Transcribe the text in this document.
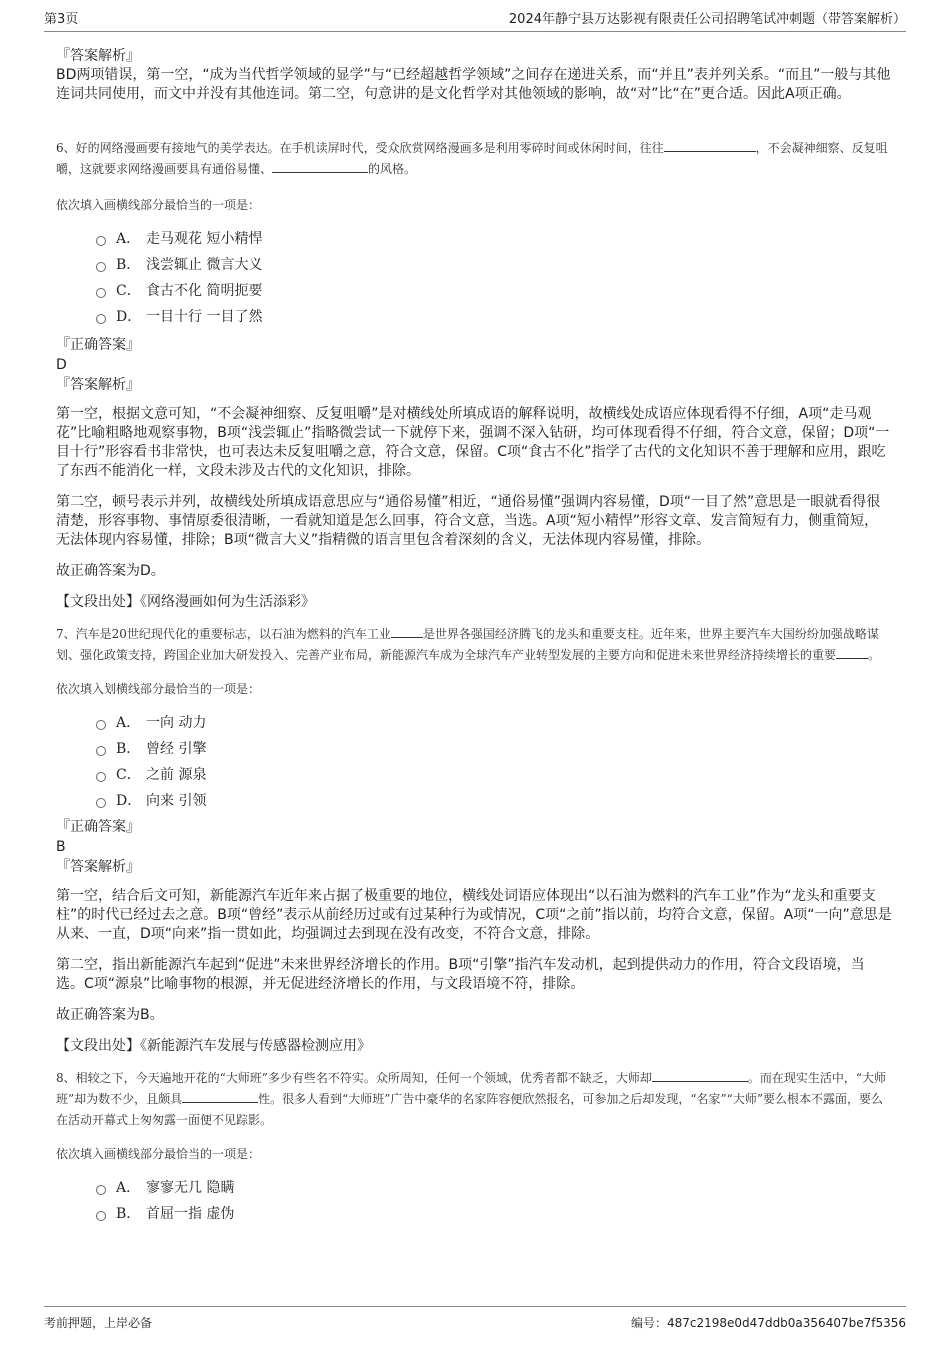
第3页	2024年静宁县万达影视有限责任公司招聘笔试冲刺题（带答案解析）
『答案解析』

BD两项错误，第一空，“成为当代哲学领域的显学”与“已经超越哲学领域”之间存在递进关系，而“并且”表并列关系。“而且”一般与其他连词共同使用，而文中并没有其他连词。第二空，句意讲的是文化哲学对其他领域的影响，故“对”比“在”更合适。因此A项正确。

6、好的网络漫画要有接地气的美学表达。在手机读屏时代，受众欣赏网络漫画多是利用零碎时间或休闲时间，往往	，不会凝神细察、反复咀嚼，这就要求网络漫画要具有通俗易懂、	的风格。

依次填入画横线部分最恰当的一项是：
A． 走马观花 短小精悍
B． 浅尝辄止 微言大义
C． 食古不化 简明扼要
D． 一目十行 一目了然
『正确答案』
D
『答案解析』

第一空，根据文意可知，“不会凝神细察、反复咀嚼”是对横线处所填成语的解释说明，故横线处成语应体现看得不仔细，A项“走马观花”比喻粗略地观察事物，B项“浅尝辄止”指略微尝试一下就停下来，强调不深入钻研，均可体现看得不仔细，符合文意，保留；D项“一目十行”形容看书非常快，也可表达未反复咀嚼之意，符合文意，保留。C项“食古不化”指学了古代的文化知识不善于理解和应用，跟吃了东西不能消化一样，文段未涉及古代的文化知识，排除。

第二空，顿号表示并列，故横线处所填成语意思应与“通俗易懂”相近，“通俗易懂”强调内容易懂，D项“一目了然”意思是一眼就看得很清楚，形容事物、事情原委很清晰，一看就知道是怎么回事，符合文意，当选。A项“短小精悍”形容文章、发言简短有力，侧重简短，无法体现内容易懂，排除；B项“微言大义”指精微的语言里包含着深刻的含义，无法体现内容易懂，排除。

故正确答案为D。

【文段出处】《网络漫画如何为生活添彩》

7、汽车是20世纪现代化的重要标志，以石油为燃料的汽车工业	是世界各强国经济腾飞的龙头和重要支柱。近年来，世界主要汽车大国纷纷加强战略谋划、强化政策支持，跨国企业加大研发投入、完善产业布局，新能源汽车成为全球汽车产业转型发展的主要方向和促进未来世界经济持续增长的重要	。

依次填入划横线部分最恰当的一项是：
A． 一向 动力
B． 曾经 引擎
C． 之前 源泉
D． 向来 引领
『正确答案』
B
『答案解析』

第一空，结合后文可知，新能源汽车近年来占据了极重要的地位，横线处词语应体现出“以石油为燃料的汽车工业”作为“龙头和重要支柱”的时代已经过去之意。B项“曾经”表示从前经历过或有过某种行为或情况，C项“之前”指以前，均符合文意，保留。A项“一向”意思是从来、一直，D项“向来”指一贯如此，均强调过去到现在没有改变，不符合文意，排除。

第二空，指出新能源汽车起到“促进”未来世界经济增长的作用。B项“引擎”指汽车发动机，起到提供动力的作用，符合文段语境，当选。C项“源泉”比喻事物的根源，并无促进经济增长的作用，与文段语境不符，排除。

故正确答案为B。

【文段出处】《新能源汽车发展与传感器检测应用》

8、相较之下，今天遍地开花的“大师班”多少有些名不符实。众所周知，任何一个领域，优秀者都不缺乏，大师却	。而在现实生活中，“大师班”却为数不少，且颇具	性。很多人看到“大师班”广告中豪华的名家阵容便欣然报名，可参加之后却发现，“名家”“大师”要么根本不露面，要么在活动开幕式上匆匆露一面便不见踪影。

依次填入画横线部分最恰当的一项是：
A． 寥寥无几 隐瞒
B． 首屈一指 虚伪
考前押题，上岸必备	编号：487c2198e0d47ddb0a356407be7f5356
